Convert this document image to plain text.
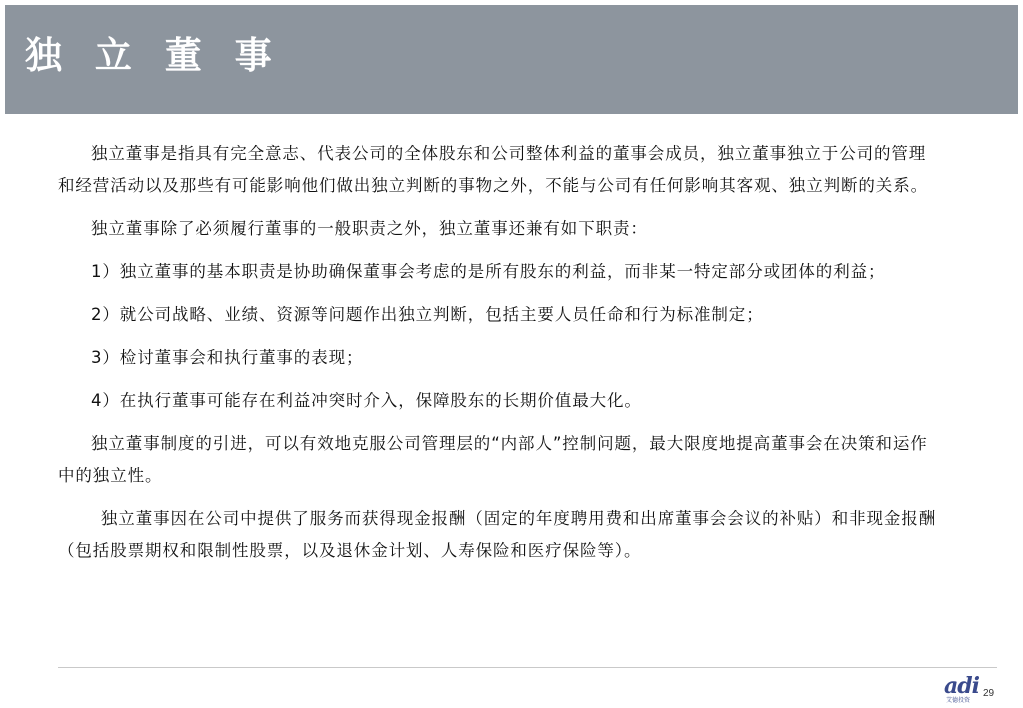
独 立 董 事

独立董事是指具有完全意志、代表公司的全体股东和公司整体利益的董事会成员，独立董事独立于公司的管理和经营活动以及那些有可能影响他们做出独立判断的事物之外，不能与公司有任何影响其客观、独立判断的关系。

独立董事除了必须履行董事的一般职责之外，独立董事还兼有如下职责：

1）独立董事的基本职责是协助确保董事会考虑的是所有股东的利益，而非某一特定部分或团体的利益；

2）就公司战略、业绩、资源等问题作出独立判断，包括主要人员任命和行为标准制定；

3）检讨董事会和执行董事的表现；

4）在执行董事可能存在利益冲突时介入，保障股东的长期价值最大化。

独立董事制度的引进，可以有效地克服公司管理层的“内部人”控制问题，最大限度地提高董事会在决策和运作中的独立性。

独立董事因在公司中提供了服务而获得现金报酬（固定的年度聘用费和出席董事会会议的补贴）和非现金报酬（包括股票期权和限制性股票，以及退休金计划、人寿保险和医疗保险等）。

adi
艾德投资
29
